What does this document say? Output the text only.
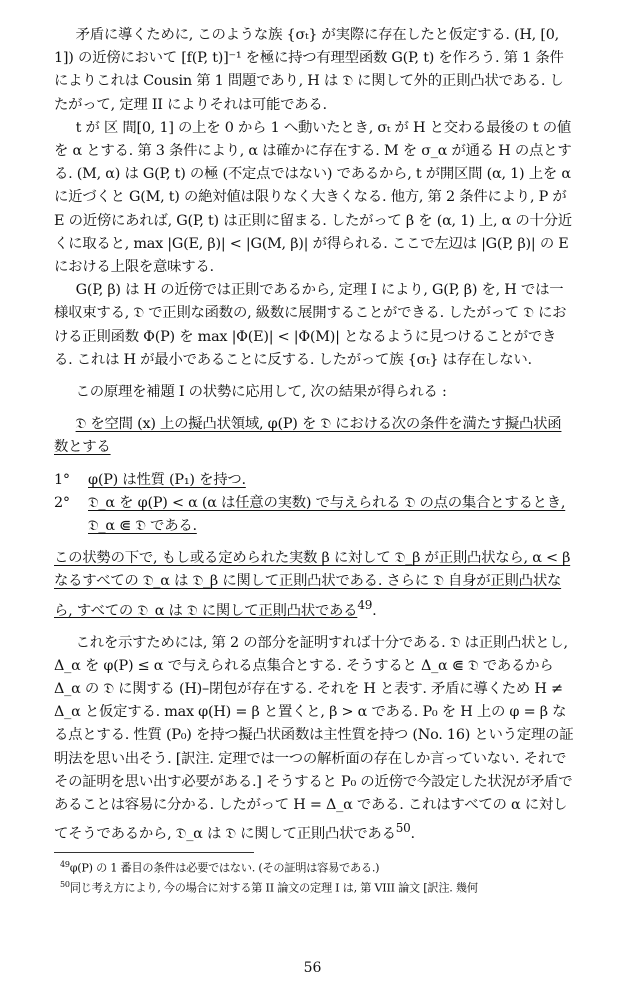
矛盾に導くために, このような族 {σₜ} が実際に存在したと仮定する. (H, [0, 1]) の近傍において [f(P, t)]⁻¹ を極に持つ有理型函数 G(P, t) を作ろう. 第 1 条件によりこれは Cousin 第 1 問題であり, H は 𝔇 に関して外的正則凸状である. したがって, 定理 II によりそれは可能である.

t が 区 間[0, 1] の上を 0 から 1 へ動いたとき, σₜ が H と交わる最後の t の値を α とする. 第 3 条件により, α は確かに存在する. M を σ_α が通る H の点とする. (M, α) は G(P, t) の極 (不定点ではない) であるから, t が開区間 (α, 1) 上を α に近づくと G(M, t) の絶対値は限りなく大きくなる. 他方, 第 2 条件により, P が E の近傍にあれば, G(P, t) は正則に留まる. したがって β を (α, 1) 上, α の十分近くに取ると, max |G(E, β)| < |G(M, β)| が得られる. ここで左辺は |G(P, β)| の E における上限を意味する.

G(P, β) は H の近傍では正則であるから, 定理 I により, G(P, β) を, H では一様収束する, 𝔇 で正則な函数の, 級数に展開することができる. したがって 𝔇 における正則函数 Φ(P) を max |Φ(E)| < |Φ(M)| となるように見つけることができる. これは H が最小であることに反する. したがって族 {σₜ} は存在しない.

この原理を補題 I の状勢に応用して, 次の結果が得られる :

𝔇 を空間 (x) 上の擬凸状領域, φ(P) を 𝔇 における次の条件を満たす擬凸状函数とする

1°	φ(P) は性質 (P₁) を持つ.
2°	𝔇_α を φ(P) < α (α は任意の実数) で与えられる 𝔇 の点の集合とするとき, 𝔇_α ⋐ 𝔇 である.

この状勢の下で, もし或る定められた実数 β に対して 𝔇_β が正則凸状なら, α < β なるすべての 𝔇_α は 𝔇_β に関して正則凸状である. さらに 𝔇 自身が正則凸状なら, すべての 𝔇_α は 𝔇 に関して正則凸状である$^{49}$.

これを示すためには, 第 2 の部分を証明すれば十分である. 𝔇 は正則凸状とし, Δ_α を φ(P) ≤ α で与えられる点集合とする. そうすると Δ_α ⋐ 𝔇 であるから Δ_α の 𝔇 に関する (H)–閉包が存在する. それを H と表す. 矛盾に導くため H ≠ Δ_α と仮定する. max φ(H) = β と置くと, β > α である. P₀ を H 上の φ = β なる点とする. 性質 (P₀) を持つ擬凸状函数は主性質を持つ (No. 16) という定理の証明法を思い出そう. [訳注. 定理では一つの解析面の存在しか言っていない. それでその証明を思い出す必要がある.] そうすると P₀ の近傍で今設定した状況が矛盾であることは容易に分かる. したがって H = Δ_α である. これはすべての α に対してそうであるから, 𝔇_α は 𝔇 に関して正則凸状である$^{50}$.

$^{49}$φ(P) の 1 番目の条件は必要ではない. (その証明は容易である.)

$^{50}$同じ考え方により, 今の場合に対する第 II 論文の定理 I は, 第 VIII 論文 [訳注. 幾何

56
